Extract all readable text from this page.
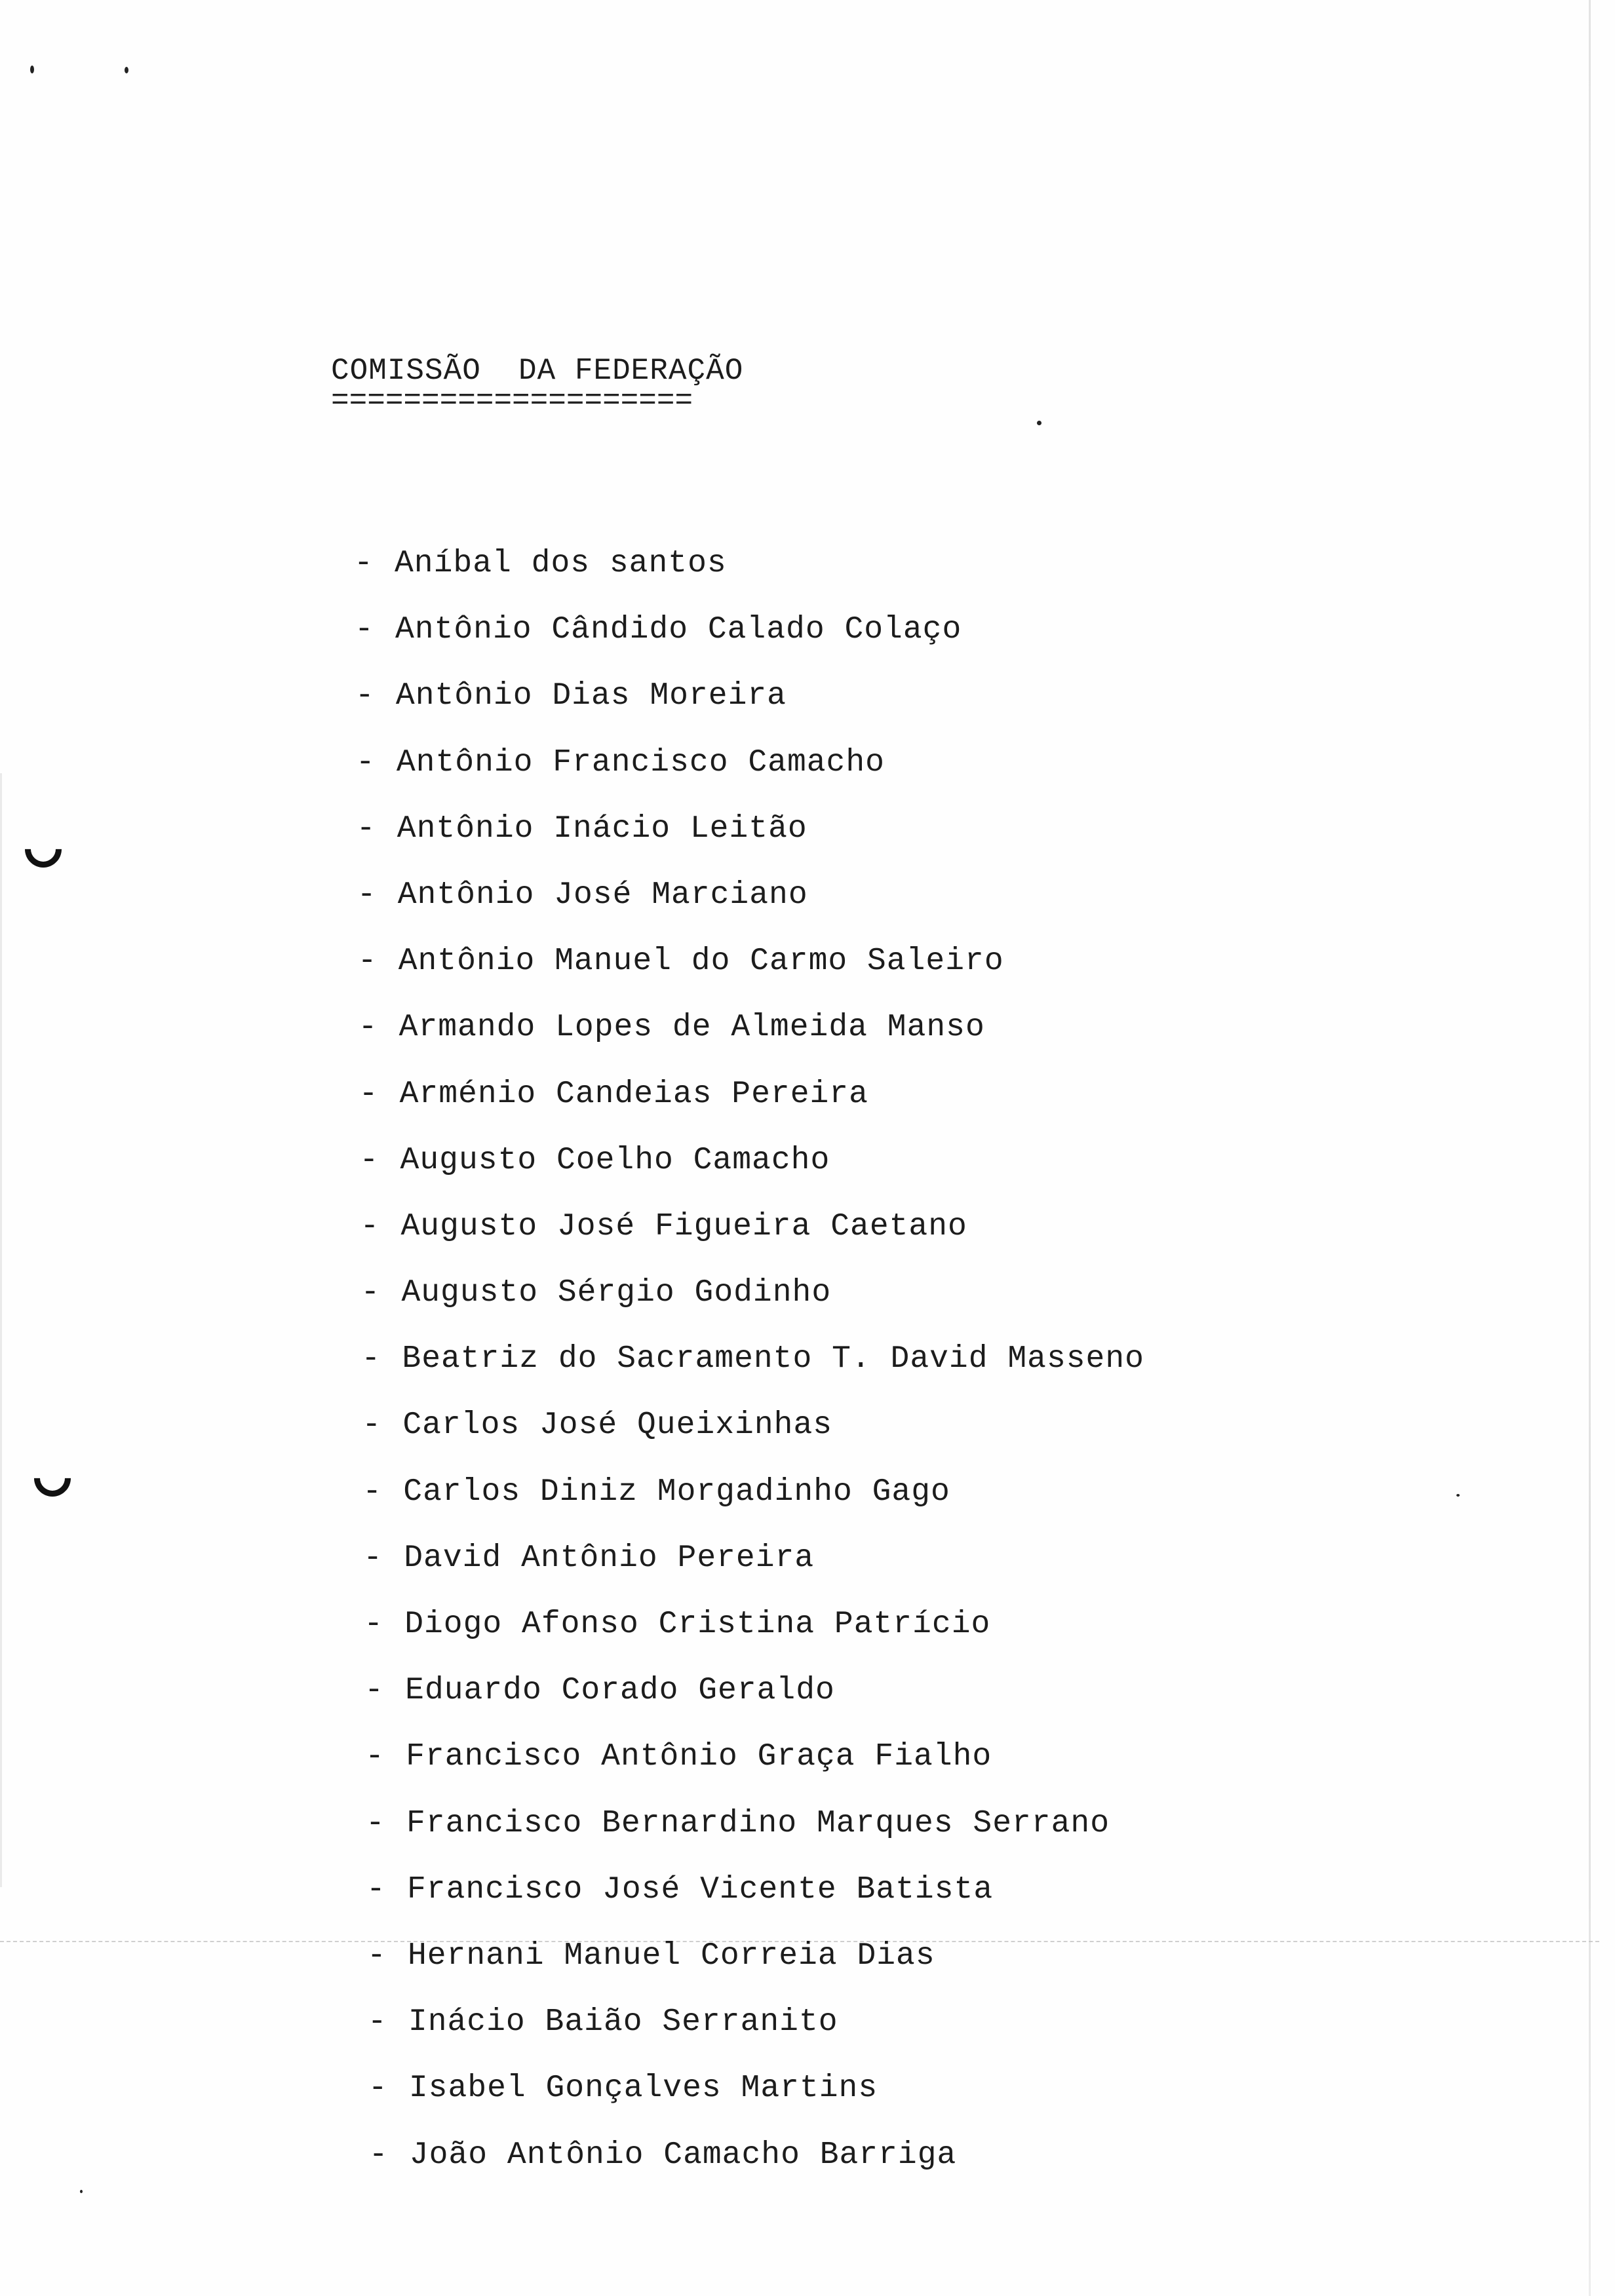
COMISSÃO  DA FEDERAÇÃO
====================
- Aníbal dos santos
- Antônio Cândido Calado Colaço
- Antônio Dias Moreira
- Antônio Francisco Camacho
- Antônio Inácio Leitão
- Antônio José Marciano
- Antônio Manuel do Carmo Saleiro
- Armando Lopes de Almeida Manso
- Arménio Candeias Pereira
- Augusto Coelho Camacho
- Augusto José Figueira Caetano
- Augusto Sérgio Godinho
- Beatriz do Sacramento T. David Masseno
- Carlos José Queixinhas
- Carlos Diniz Morgadinho Gago
- David Antônio Pereira
- Diogo Afonso Cristina Patrício
- Eduardo Corado Geraldo
- Francisco Antônio Graça Fialho
- Francisco Bernardino Marques Serrano
- Francisco José Vicente Batista
- Hernani Manuel Correia Dias
- Inácio Baião Serranito
- Isabel Gonçalves Martins
- João Antônio Camacho Barriga
